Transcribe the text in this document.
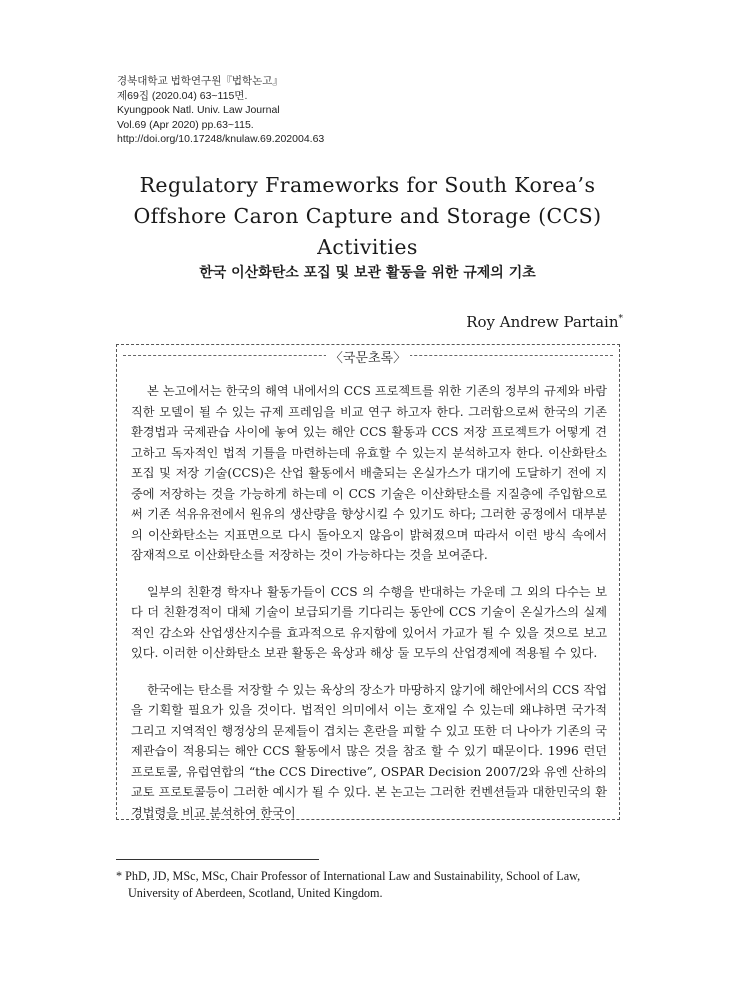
경북대학교 법학연구원『법학논고』
제69집 (2020.04) 63~115면.
Kyungpook Natl. Univ. Law Journal
Vol.69 (Apr 2020) pp.63~115.
http://doi.org/10.17248/knulaw.69.202004.63
Regulatory Frameworks for South Korea’s
Offshore Caron Capture and Storage (CCS)
Activities
한국 이산화탄소 포집 및 보관 활동을 위한 규제의 기초
Roy Andrew Partain*
〈국문초록〉

본 논고에서는 한국의 해역 내에서의 CCS 프로젝트를 위한 기존의 정부의 규제와 바람직한 모델이 될 수 있는 규제 프레임을 비교 연구 하고자 한다. 그러함으로써 한국의 기존 환경법과 국제관습 사이에 놓여 있는 해안 CCS 활동과 CCS 저장 프로젝트가 어떻게 견고하고 독자적인 법적 기틀을 마련하는데 유효할 수 있는지 분석하고자 한다. 이산화탄소 포집 및 저장 기술(CCS)은 산업 활동에서 배출되는 온실가스가 대기에 도달하기 전에 지중에 저장하는 것을 가능하게 하는데 이 CCS 기술은 이산화탄소를 지질층에 주입함으로써 기존 석유유전에서 원유의 생산량을 향상시킬 수 있기도 하다; 그러한 공정에서 대부분의 이산화탄소는 지표면으로 다시 돌아오지 않음이 밝혀졌으며 따라서 이런 방식 속에서 잠재적으로 이산화탄소를 저장하는 것이 가능하다는 것을 보여준다.

일부의 친환경 학자나 활동가들이 CCS 의 수행을 반대하는 가운데 그 외의 다수는 보다 더 친환경적이 대체 기술이 보급되기를 기다리는 동안에 CCS 기술이 온실가스의 실제적인 감소와 산업생산지수를 효과적으로 유지함에 있어서 가교가 될 수 있을 것으로 보고 있다. 이러한 이산화탄소 보관 활동은 육상과 해상 둘 모두의 산업경제에 적용될 수 있다.

한국에는 탄소를 저장할 수 있는 육상의 장소가 마땅하지 않기에 해안에서의 CCS 작업을 기획할 필요가 있을 것이다. 법적인 의미에서 이는 호재일 수 있는데 왜냐하면 국가적 그리고 지역적인 행정상의 문제들이 겹치는 혼란을 피할 수 있고 또한 더 나아가 기존의 국제관습이 적용되는 해안 CCS 활동에서 많은 것을 참조 할 수 있기 때문이다. 1996 런던 프로토콜, 유럽연합의 “the CCS Directive”, OSPAR Decision 2007/2와 유엔 산하의 교토 프로토콜등이 그러한 예시가 될 수 있다. 본 논고는 그러한 컨벤션들과 대한민국의 환경법령을 비교 분석하여 한국이

* PhD, JD, MSc, MSc, Chair Professor of International Law and Sustainability, School of Law, University of Aberdeen, Scotland, United Kingdom.
